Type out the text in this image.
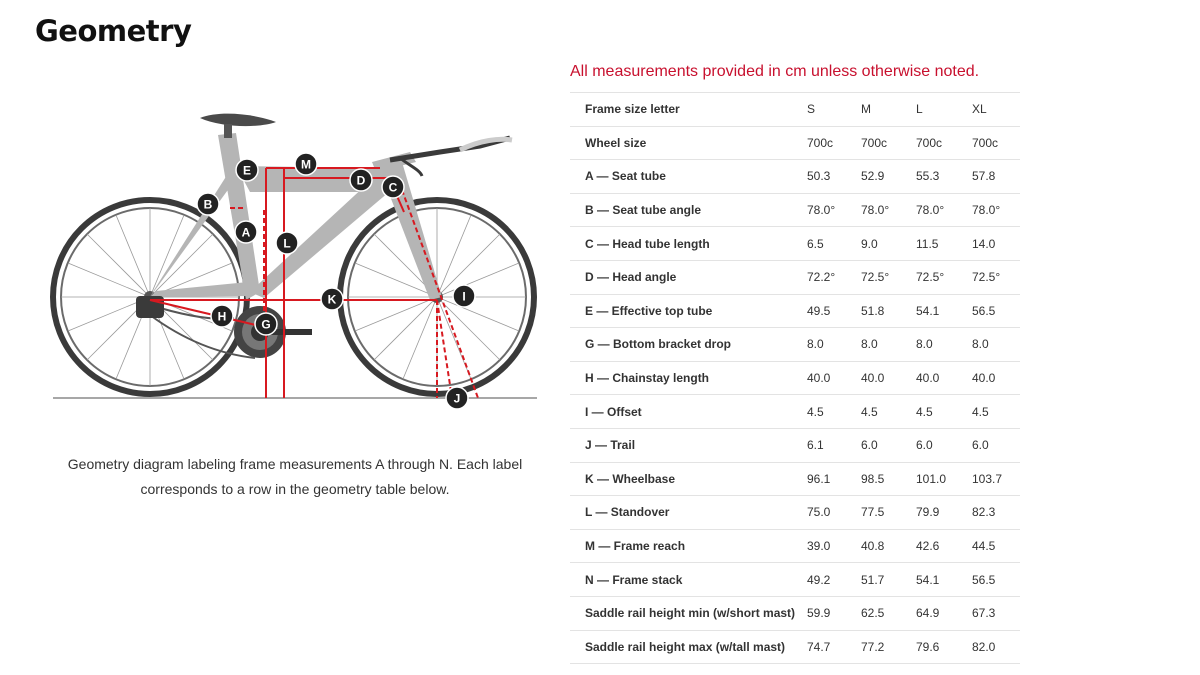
Geometry
E	M
D C
B
A
L
K	I
H
G
J
Geometry diagram labeling frame measurements A through N. Each label corresponds to a row in the geometry table below.
All measurements provided in cm unless otherwise noted.
Frame size letter	S	M	L	XL
Wheel size	700c	700c	700c	700c
A — Seat tube	50.3	52.9	55.3	57.8
B — Seat tube angle	78.0°	78.0°	78.0°	78.0°
C — Head tube length	6.5	9.0	11.5	14.0
D — Head angle	72.2°	72.5°	72.5°	72.5°
E — Effective top tube	49.5	51.8	54.1	56.5
G — Bottom bracket drop	8.0	8.0	8.0	8.0
H — Chainstay length	40.0	40.0	40.0	40.0
I — Offset	4.5	4.5	4.5	4.5
J — Trail	6.1	6.0	6.0	6.0
K — Wheelbase	96.1	98.5	101.0	103.7
L — Standover	75.0	77.5	79.9	82.3
M — Frame reach	39.0	40.8	42.6	44.5
N — Frame stack	49.2	51.7	54.1	56.5
Saddle rail height min (w/short mast)	59.9	62.5	64.9	67.3
Saddle rail height max (w/tall mast)	74.7	77.2	79.6	82.0
